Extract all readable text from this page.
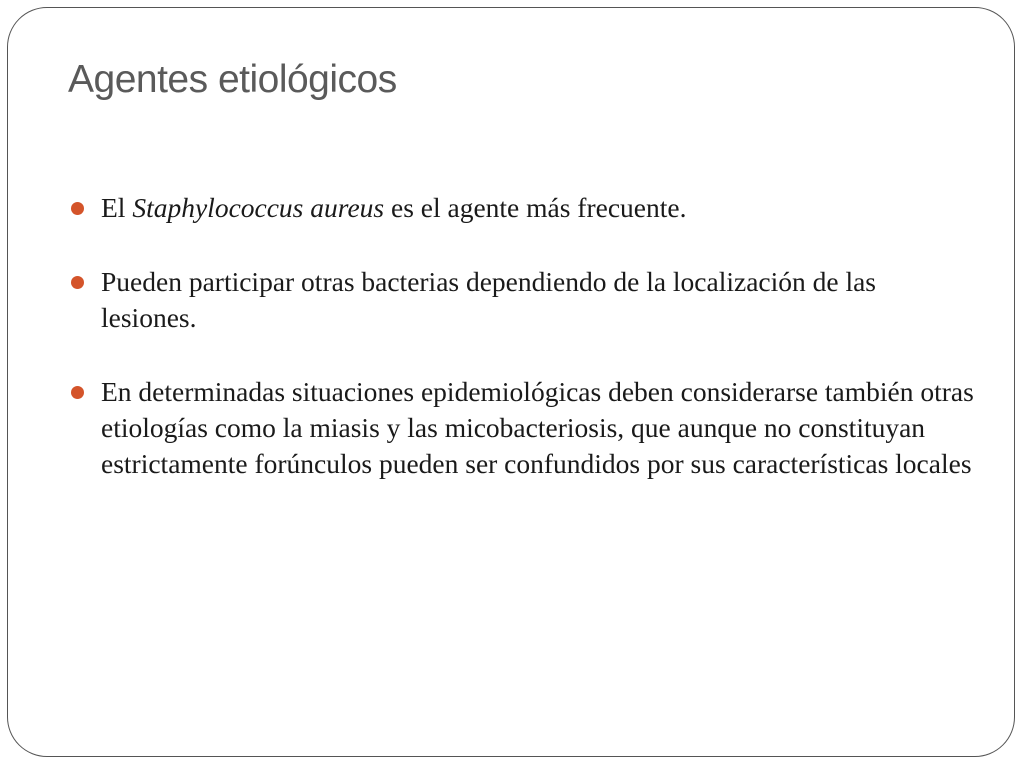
Agentes etiológicos
El Staphylococcus aureus es el agente más frecuente.
Pueden participar otras bacterias dependiendo de la localización de las lesiones.
En determinadas situaciones epidemiológicas deben considerarse también otras etiologías como la miasis y las micobacteriosis, que aunque no constituyan estrictamente forúnculos pueden ser confundidos por sus características locales
